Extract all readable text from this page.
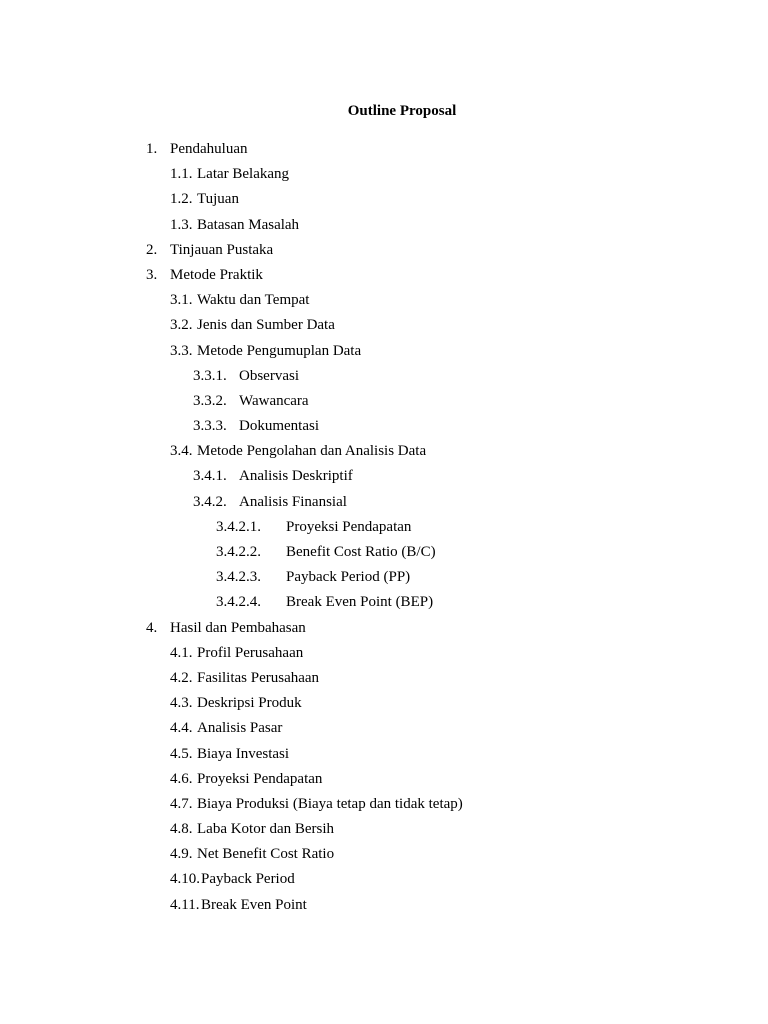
Outline Proposal
1. Pendahuluan
1.1. Latar Belakang
1.2. Tujuan
1.3. Batasan Masalah
2. Tinjauan Pustaka
3. Metode Praktik
3.1. Waktu dan Tempat
3.2. Jenis dan Sumber Data
3.3. Metode Pengumuplan Data
3.3.1. Observasi
3.3.2. Wawancara
3.3.3. Dokumentasi
3.4. Metode Pengolahan dan Analisis Data
3.4.1. Analisis Deskriptif
3.4.2. Analisis Finansial
3.4.2.1. Proyeksi Pendapatan
3.4.2.2. Benefit Cost Ratio (B/C)
3.4.2.3. Payback Period (PP)
3.4.2.4. Break Even Point (BEP)
4. Hasil dan Pembahasan
4.1. Profil Perusahaan
4.2. Fasilitas Perusahaan
4.3. Deskripsi Produk
4.4. Analisis Pasar
4.5. Biaya Investasi
4.6. Proyeksi Pendapatan
4.7. Biaya Produksi (Biaya tetap dan tidak tetap)
4.8. Laba Kotor dan Bersih
4.9. Net Benefit Cost Ratio
4.10. Payback Period
4.11. Break Even Point
